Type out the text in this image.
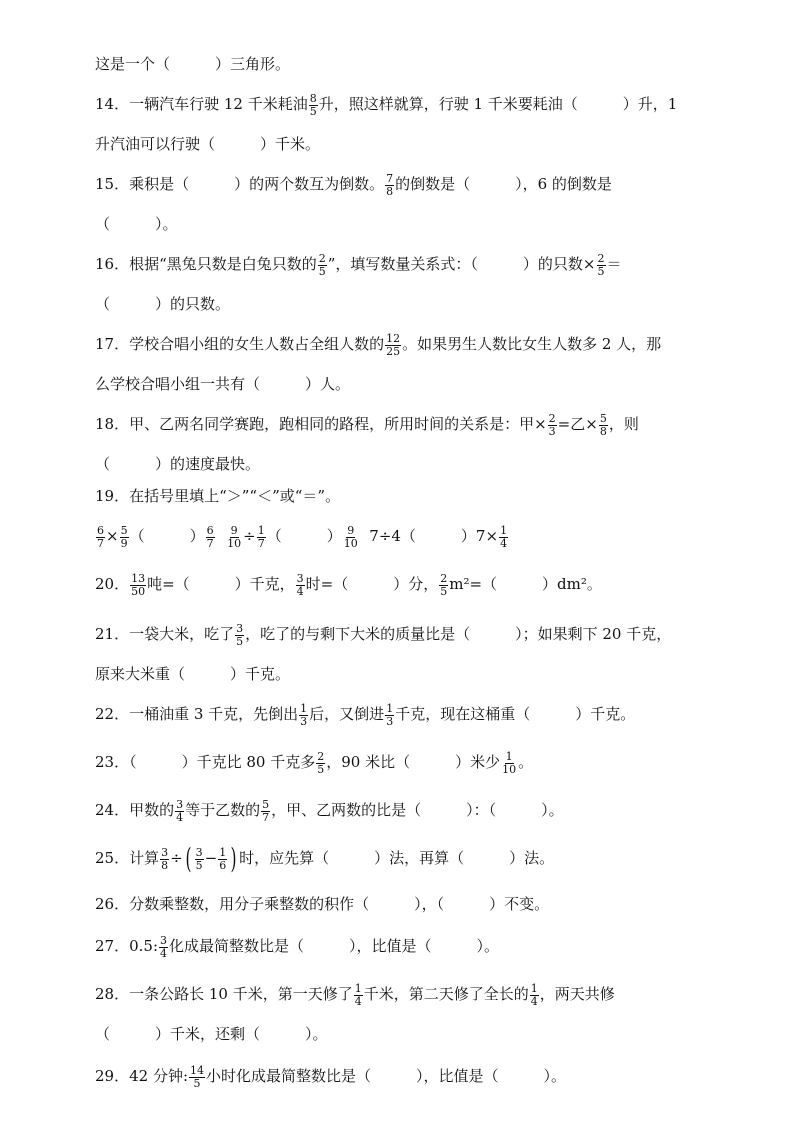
这是一个（　　　）三角形。
14．一辆汽车行驶 12 千米耗油 $\frac{8}{5}$ 升，照这样就算，行驶 1 千米要耗油（　　　）升，1
升汽油可以行驶（　　　）千米。
15．乘积是（　　　）的两个数互为倒数。 $\frac{7}{8}$ 的倒数是（　　　），6 的倒数是
（　　　）。
16．根据“黑兔只数是白兔只数的 $\frac{2}{5}$ ”，填写数量关系式：（　　　）的只数× $\frac{2}{5}$ ＝
（　　　）的只数。
17．学校合唱小组的女生人数占全组人数的 $\frac{12}{25}$ 。如果男生人数比女生人数多 2 人，那
么学校合唱小组一共有（　　　）人。
18．甲、乙两名同学赛跑，跑相同的路程，所用时间的关系是：甲× $\frac{2}{3}$ =乙× $\frac{5}{8}$ ，则
（　　　）的速度最快。
19．在括号里填上“＞”“＜”或“＝”。
$\frac{6}{7} \times \frac{5}{9}$ （　　　） $\frac{6}{7}$
$\frac{9}{10} \div \frac{1}{7}$ （　　　） $\frac{9}{10} 7\div 4$（　　　）$7\times \frac{1}{4}$
20． $\frac{13}{50}$ 吨=（　　　）千克， $\frac{3}{4}$ 时=（　　　）分， $\frac{2}{5} m^2=$（　　　）dm²。
21．一袋大米，吃了 $\frac{3}{5}$ ，吃了的与剩下大米的质量比是（　　　）；如果剩下 20 千克，
原来大米重（　　　）千克。
22．一桶油重 3 千克，先倒出 $\frac{1}{3}$ 后，又倒进 $\frac{1}{3}$ 千克，现在这桶重（　　　）千克。
23．（　　　）千克比 80 千克多 $\frac{2}{5}$ ，90 米比（　　　）米少 $\frac{1}{10}$ 。
24．甲数的 $\frac{3}{4}$ 等于乙数的 $\frac{5}{7}$ ，甲、乙两数的比是（　　　）：（　　　）。
25．计算 $\frac{3}{8}$ ÷( $\frac{3}{5} - \frac{1}{6}$ ) 时，应先算（　　　）法，再算（　　　）法。
26．分数乘整数，用分子乘整数的积作（　　　），（　　　）不变。
27．0.5: $\frac{3}{4}$ 化成最简整数比是（　　　），比值是（　　　）。
28．一条公路长 10 千米，第一天修了 $\frac{1}{4}$ 千米，第二天修了全长的 $\frac{1}{4}$ ，两天共修
（　　　）千米，还剩（　　　）。
29．42 分钟: $\frac{14}{5}$ 小时化成最简整数比是（　　　），比值是（　　　）。
